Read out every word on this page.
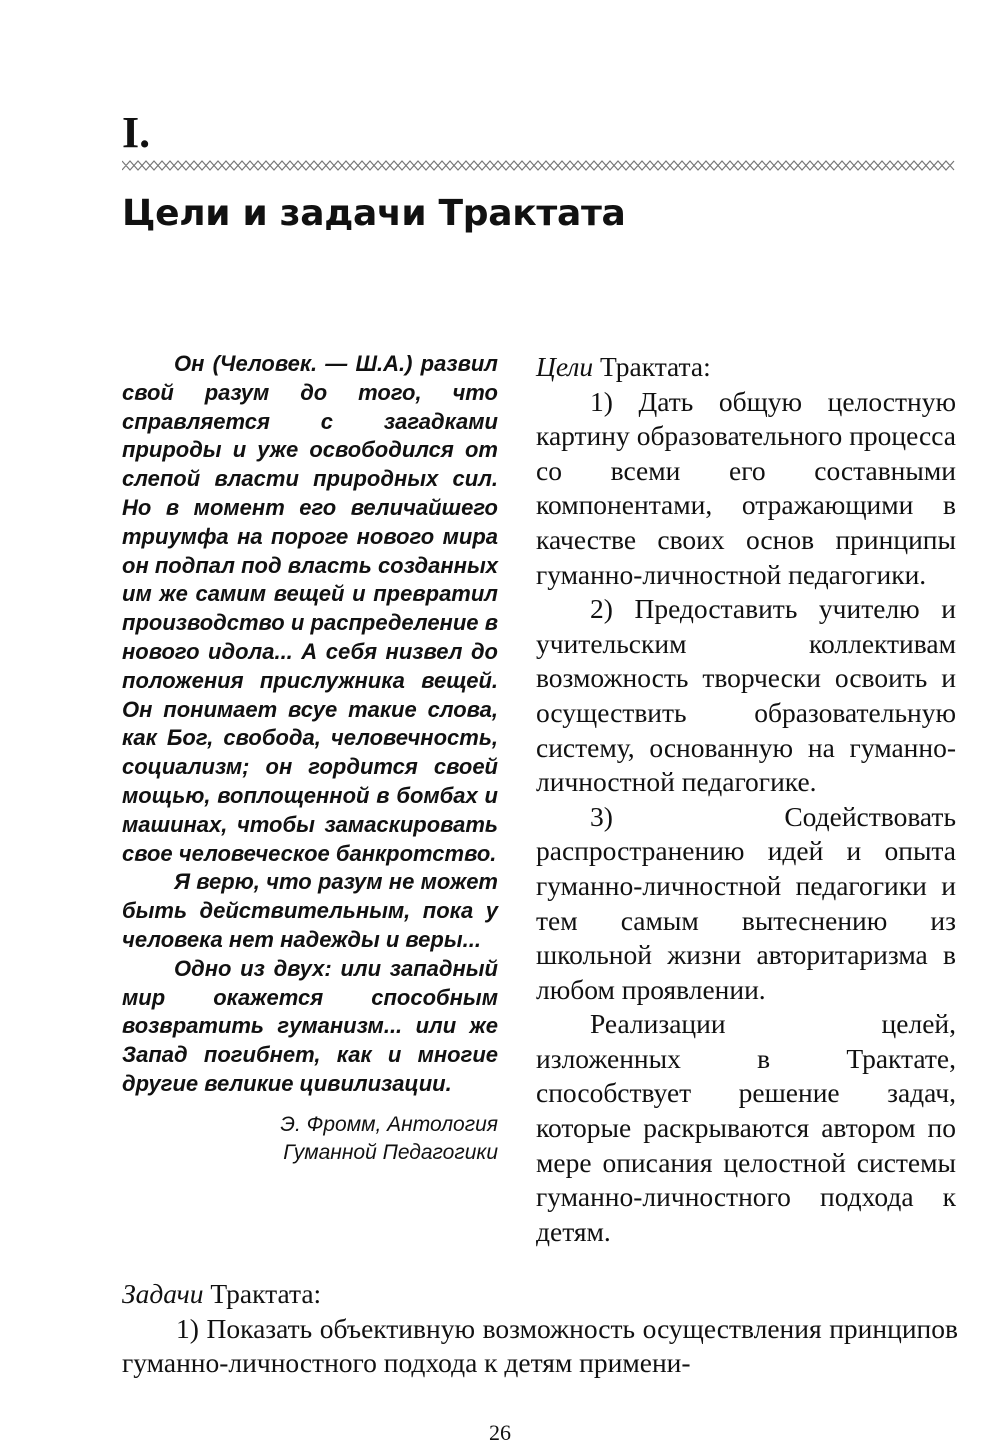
I.
Цели и задачи Трактата

Он (Человек. — Ш.А.) развил свой разум до того, что справляется с загадками природы и уже освободился от слепой власти природных сил. Но в момент его величайшего триумфа на пороге нового мира он подпал под власть созданных им же самим вещей и превратил производство и распределение в нового идола... А себя низвел до положения прислужника вещей. Он понимает всуе такие слова, как Бог, свобода, человечность, социализм; он гордится своей мощью, воплощенной в бомбах и машинах, чтобы замаскировать свое человеческое банкротство.

Я верю, что разум не может быть действительным, пока у человека нет надежды и веры...

Одно из двух: или западный мир окажется способным возвратить гуманизм... или же Запад погибнет, как и многие другие великие цивилизации.

Э. Фромм, Антология
Гуманной Педагогики

Цели Трактата:

1) Дать общую целостную картину образовательного процесса со всеми его составными компонентами, отражающими в качестве своих основ принципы гуманно-личностной педагогики.

2) Предоставить учителю и учительским коллективам возможность творчески освоить и осуществить образовательную систему, основанную на гуманно-личностной педагогике.

3) Содействовать распространению идей и опыта гуманно-личностной педагогики и тем самым вытеснению из школьной жизни авторитаризма в любом проявлении.

Реализации целей, изложенных в Трактате, способствует решение задач, которые раскрываются автором по мере описания целостной системы гуманно-личностного подхода к детям.

Задачи Трактата:

1) Показать объективную возможность осуществления принципов гуманно-личностного подхода к детям примени-

26
